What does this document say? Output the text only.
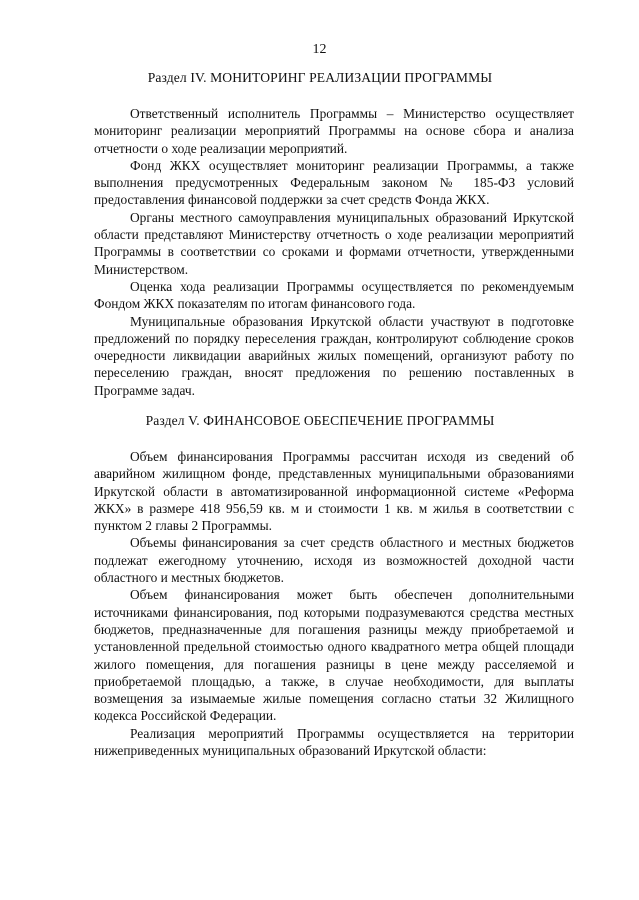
12
Раздел IV. МОНИТОРИНГ РЕАЛИЗАЦИИ ПРОГРАММЫ

Ответственный исполнитель Программы – Министерство осуществляет мониторинг реализации мероприятий Программы на основе сбора и анализа отчетности о ходе реализации мероприятий.

Фонд ЖКХ осуществляет мониторинг реализации Программы, а также выполнения предусмотренных Федеральным законом № 185-ФЗ условий предоставления финансовой поддержки за счет средств Фонда ЖКХ.

Органы местного самоуправления муниципальных образований Иркутской области представляют Министерству отчетность о ходе реализации мероприятий Программы в соответствии со сроками и формами отчетности, утвержденными Министерством.

Оценка хода реализации Программы осуществляется по рекомендуемым Фондом ЖКХ показателям по итогам финансового года.

Муниципальные образования Иркутской области участвуют в подготовке предложений по порядку переселения граждан, контролируют соблюдение сроков очередности ликвидации аварийных жилых помещений, организуют работу по переселению граждан, вносят предложения по решению поставленных в Программе задач.

Раздел V. ФИНАНСОВОЕ ОБЕСПЕЧЕНИЕ ПРОГРАММЫ

Объем финансирования Программы рассчитан исходя из сведений об аварийном жилищном фонде, представленных муниципальными образованиями Иркутской области в автоматизированной информационной системе «Реформа ЖКХ» в размере 418 956,59 кв. м и стоимости 1 кв. м жилья в соответствии с пунктом 2 главы 2 Программы.

Объемы финансирования за счет средств областного и местных бюджетов подлежат ежегодному уточнению, исходя из возможностей доходной части областного и местных бюджетов.

Объем финансирования может быть обеспечен дополнительными источниками финансирования, под которыми подразумеваются средства местных бюджетов, предназначенные для погашения разницы между приобретаемой и установленной предельной стоимостью одного квадратного метра общей площади жилого помещения, для погашения разницы в цене между расселяемой и приобретаемой площадью, а также, в случае необходимости, для выплаты возмещения за изымаемые жилые помещения согласно статьи 32 Жилищного кодекса Российской Федерации.

Реализация мероприятий Программы осуществляется на территории нижеприведенных муниципальных образований Иркутской области:
